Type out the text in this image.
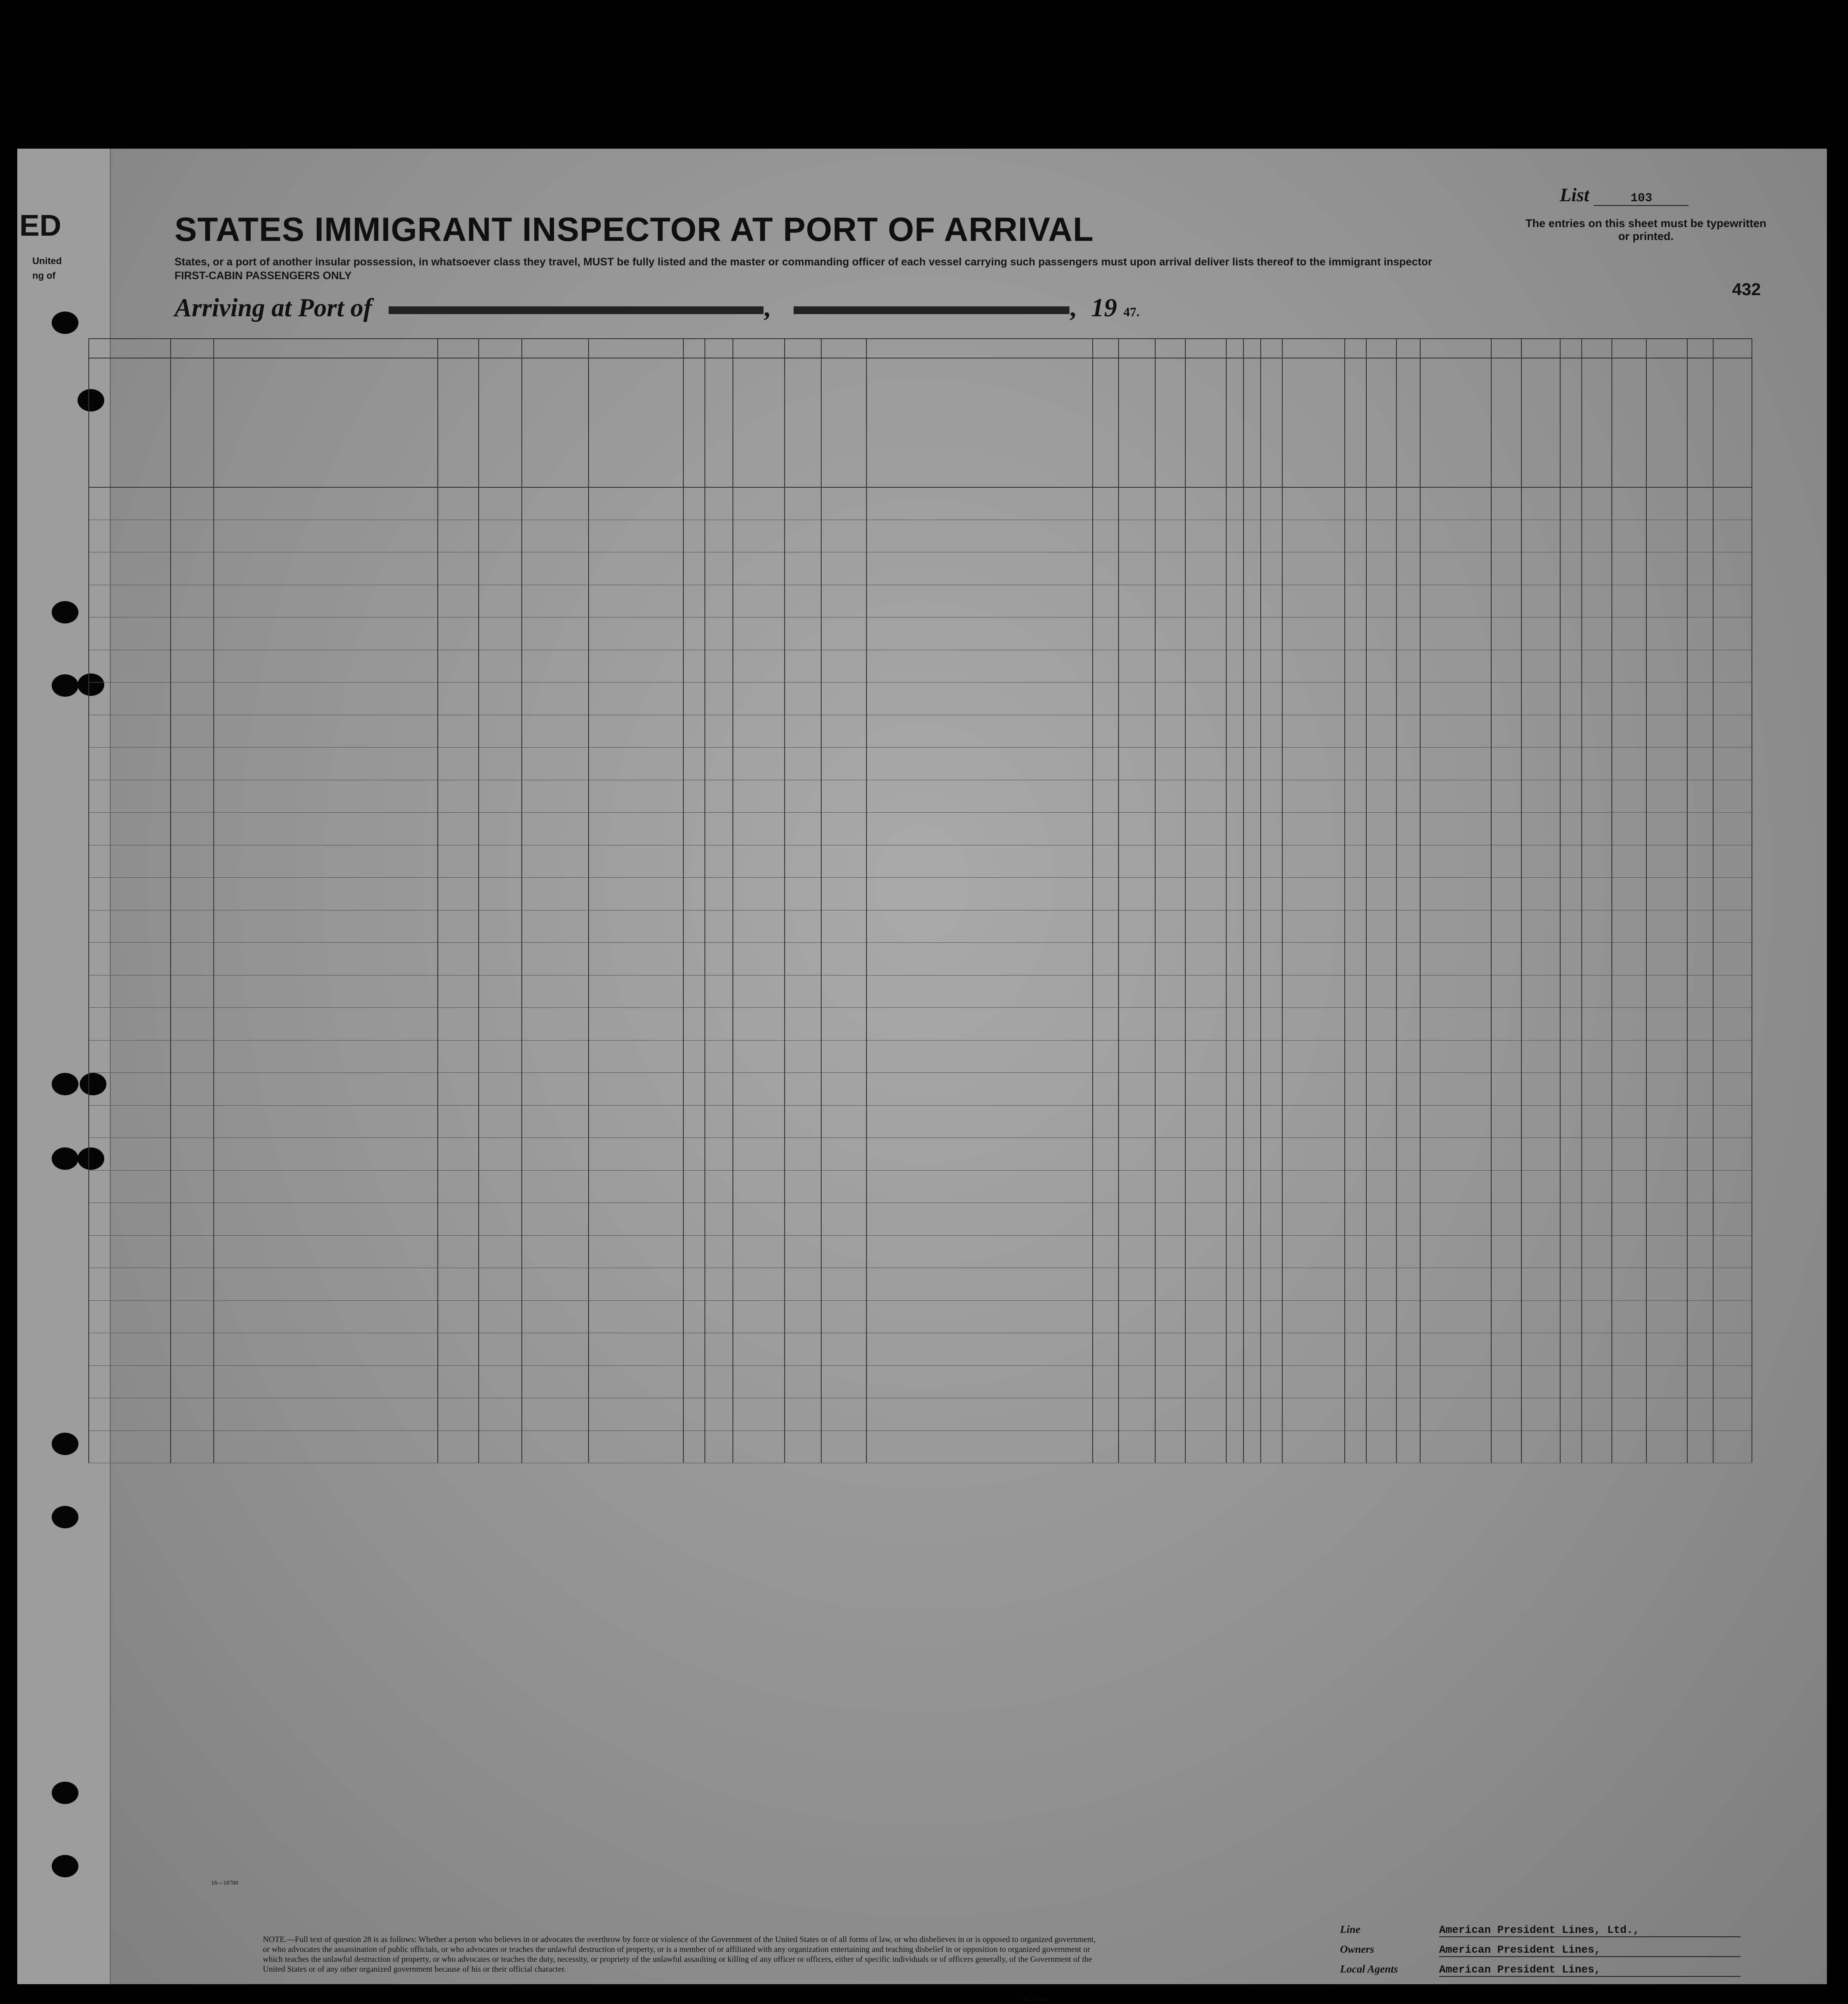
ED
United
ng of
STATES IMMIGRANT INSPECTOR AT PORT OF ARRIVAL
States, or a port of another insular possession, in whatsoever class they travel, MUST be fully listed and the master or commanding officer of each vessel carrying such passengers must upon arrival deliver lists thereof to the immigrant inspector
FIRST-CABIN PASSENGERS ONLY
Arriving at Port of	,	, 19 47.
List	103
The entries on this sheet must be typewritten or printed.
432
16—18700
NOTE.—Full text of question 28 is as follows: Whether a person who believes in or advocates the overthrow by force or violence of the Government of the United States or of all forms of law, or who disbelieves in or is opposed to organized government, or who advocates the assassination of public officials, or who advocates or teaches the unlawful destruction of property, or is a member of or affiliated with any organization entertaining and teaching disbelief in or opposition to organized government or which teaches the unlawful destruction of property, or who advocates or teaches the duty, necessity, or propriety of the unlawful assaulting or killing of any officer or officers, either of specific individuals or of officers generally, of the Government of the United States or of any other organized government because of his or their official character.
16—18700
Line	American President Lines, Ltd.,
Owners	American President Lines,
Local Agents	American President Lines,
